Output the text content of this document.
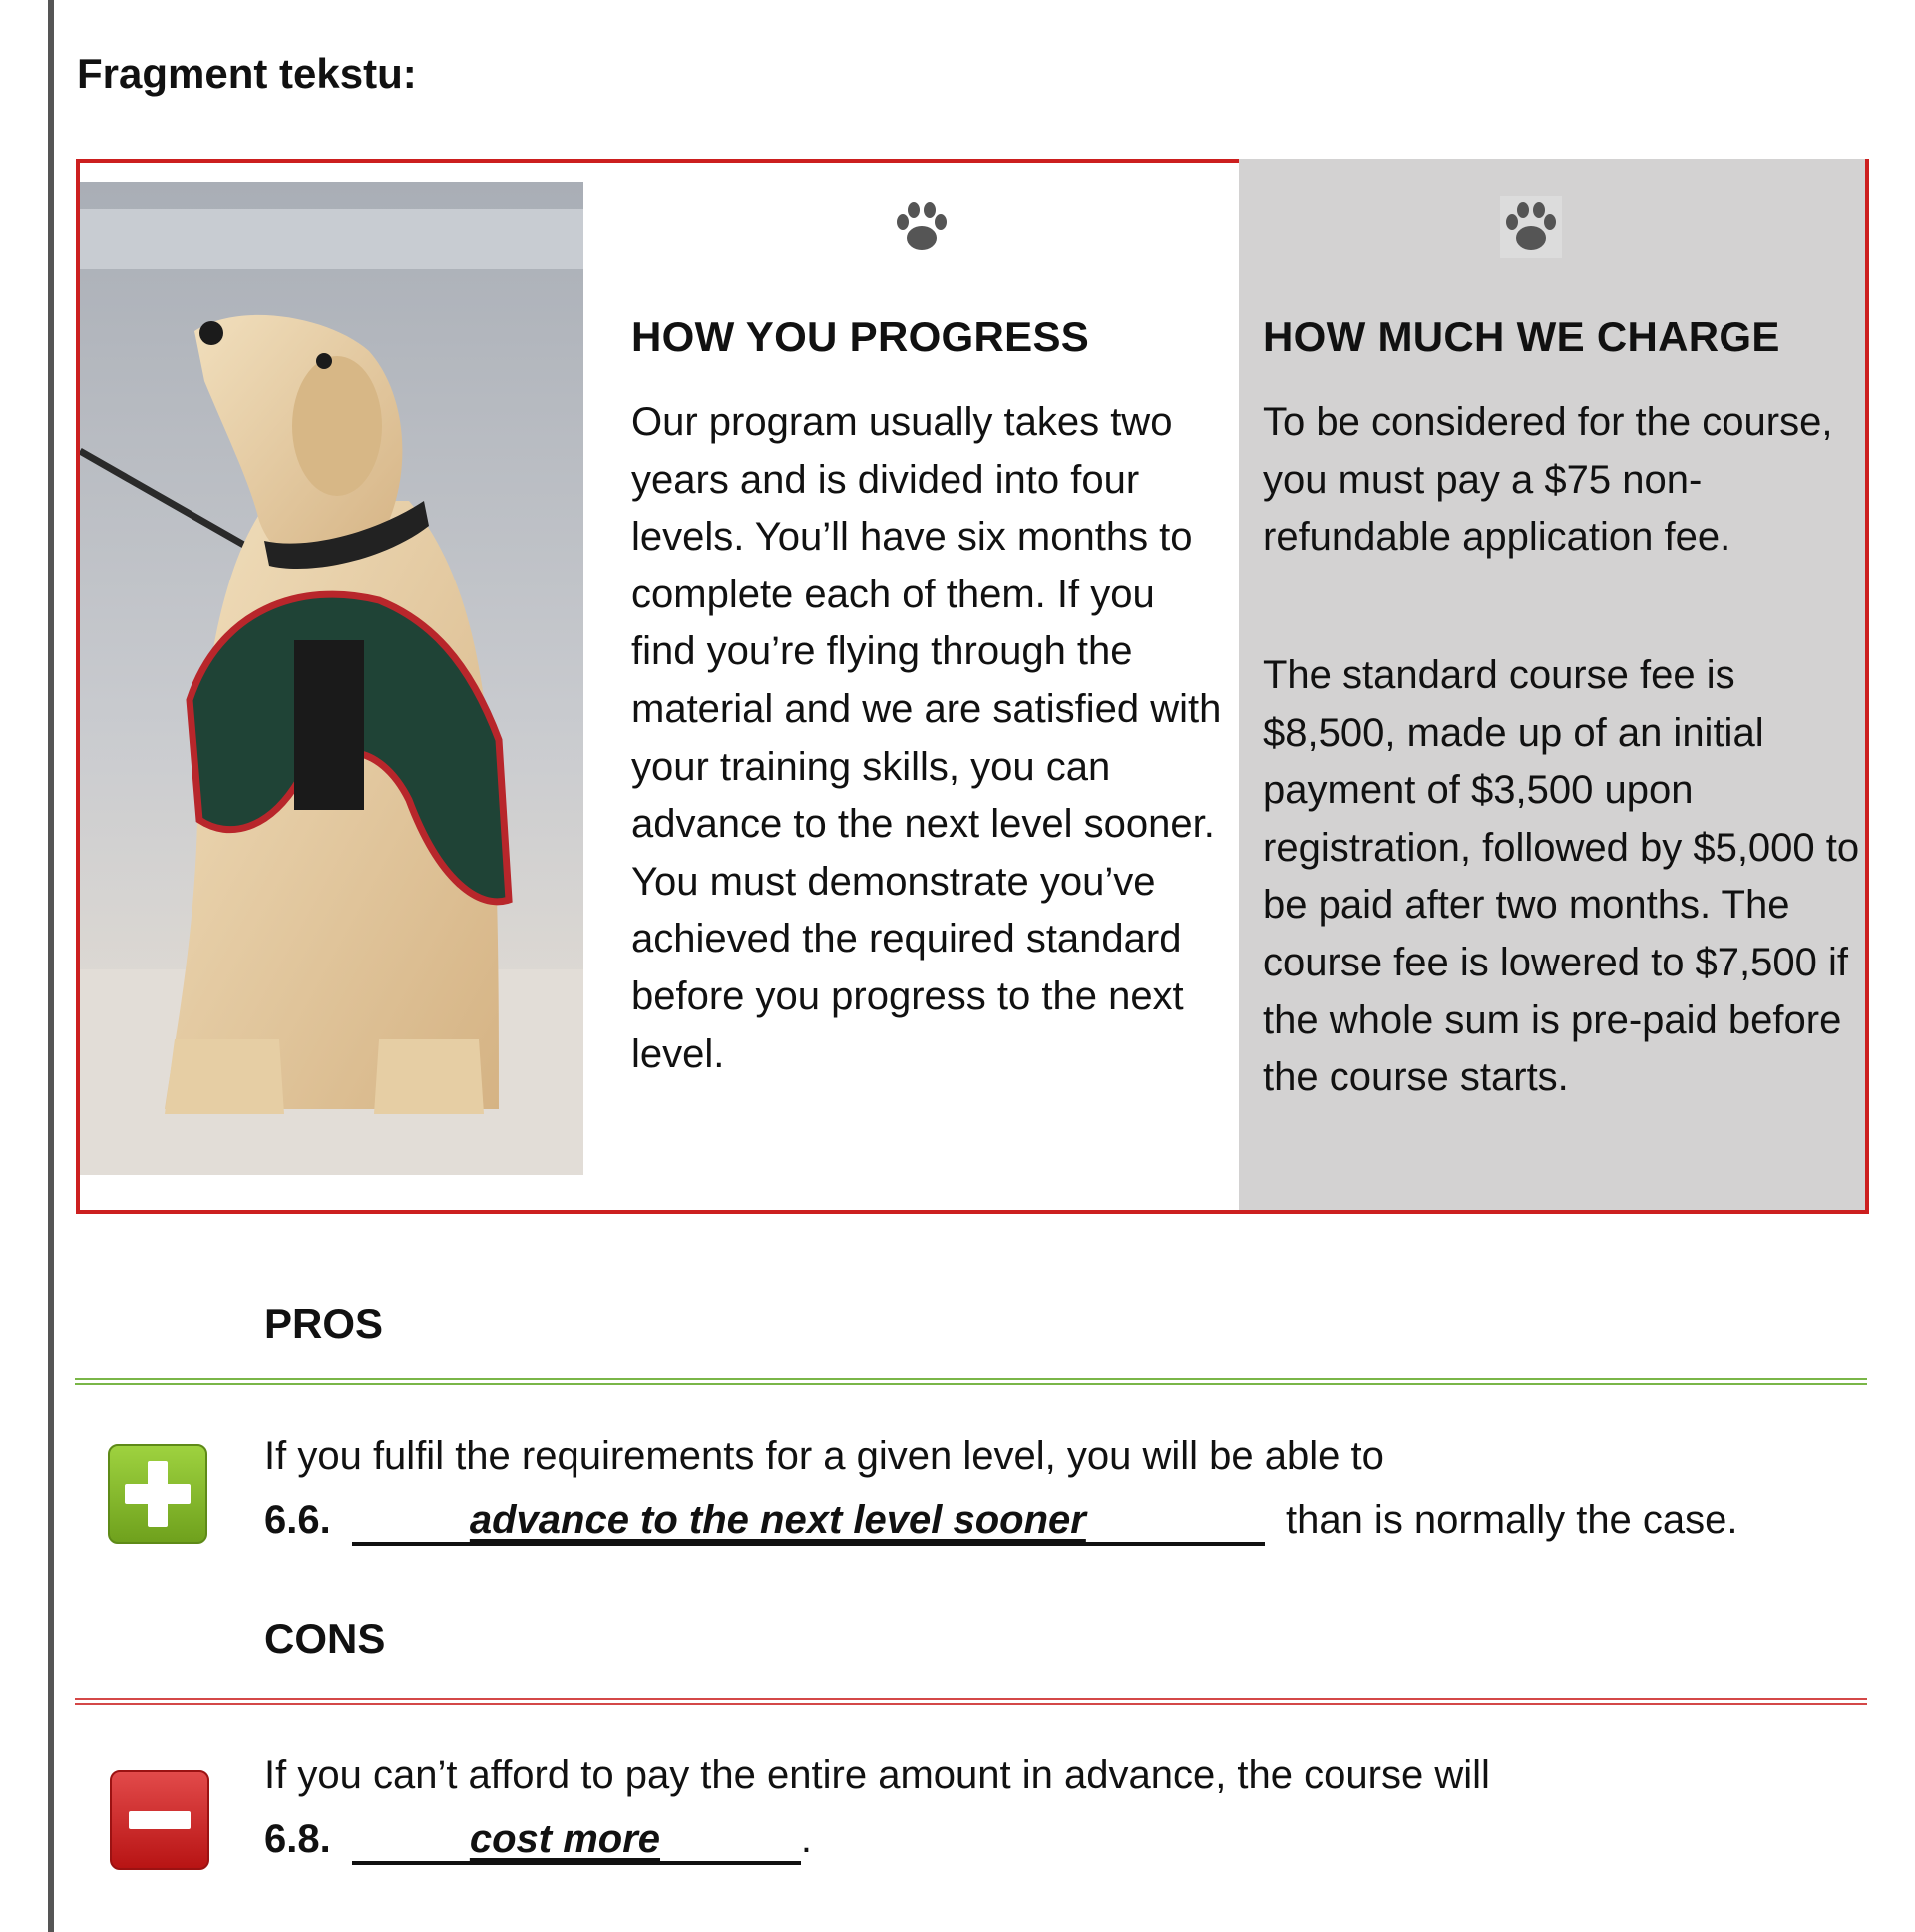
Fragment tekstu:
HOW YOU PROGRESS

Our program usually takes two years and is divided into four levels. You’ll have six months to complete each of them. If you find you’re flying through the material and we are satisfied with your training skills, you can advance to the next level sooner. You must demonstrate you’ve achieved the required standard before you progress to the next level.

HOW MUCH WE CHARGE

To be considered for the course, you must pay a $75 non-refundable application fee.

The standard course fee is $8,500, made up of an initial payment of $3,500 upon registration, followed by $5,000 to be paid after two months. The course fee is lowered to $7,500 if the whole sum is pre-paid before the course starts.

PROS
If you fulfil the requirements for a given level, you will be able to
6.6.	advance to the next level sooner	than is normally the case.
CONS
If you can’t afford to pay the entire amount in advance, the course will
6.8.	cost more	.
